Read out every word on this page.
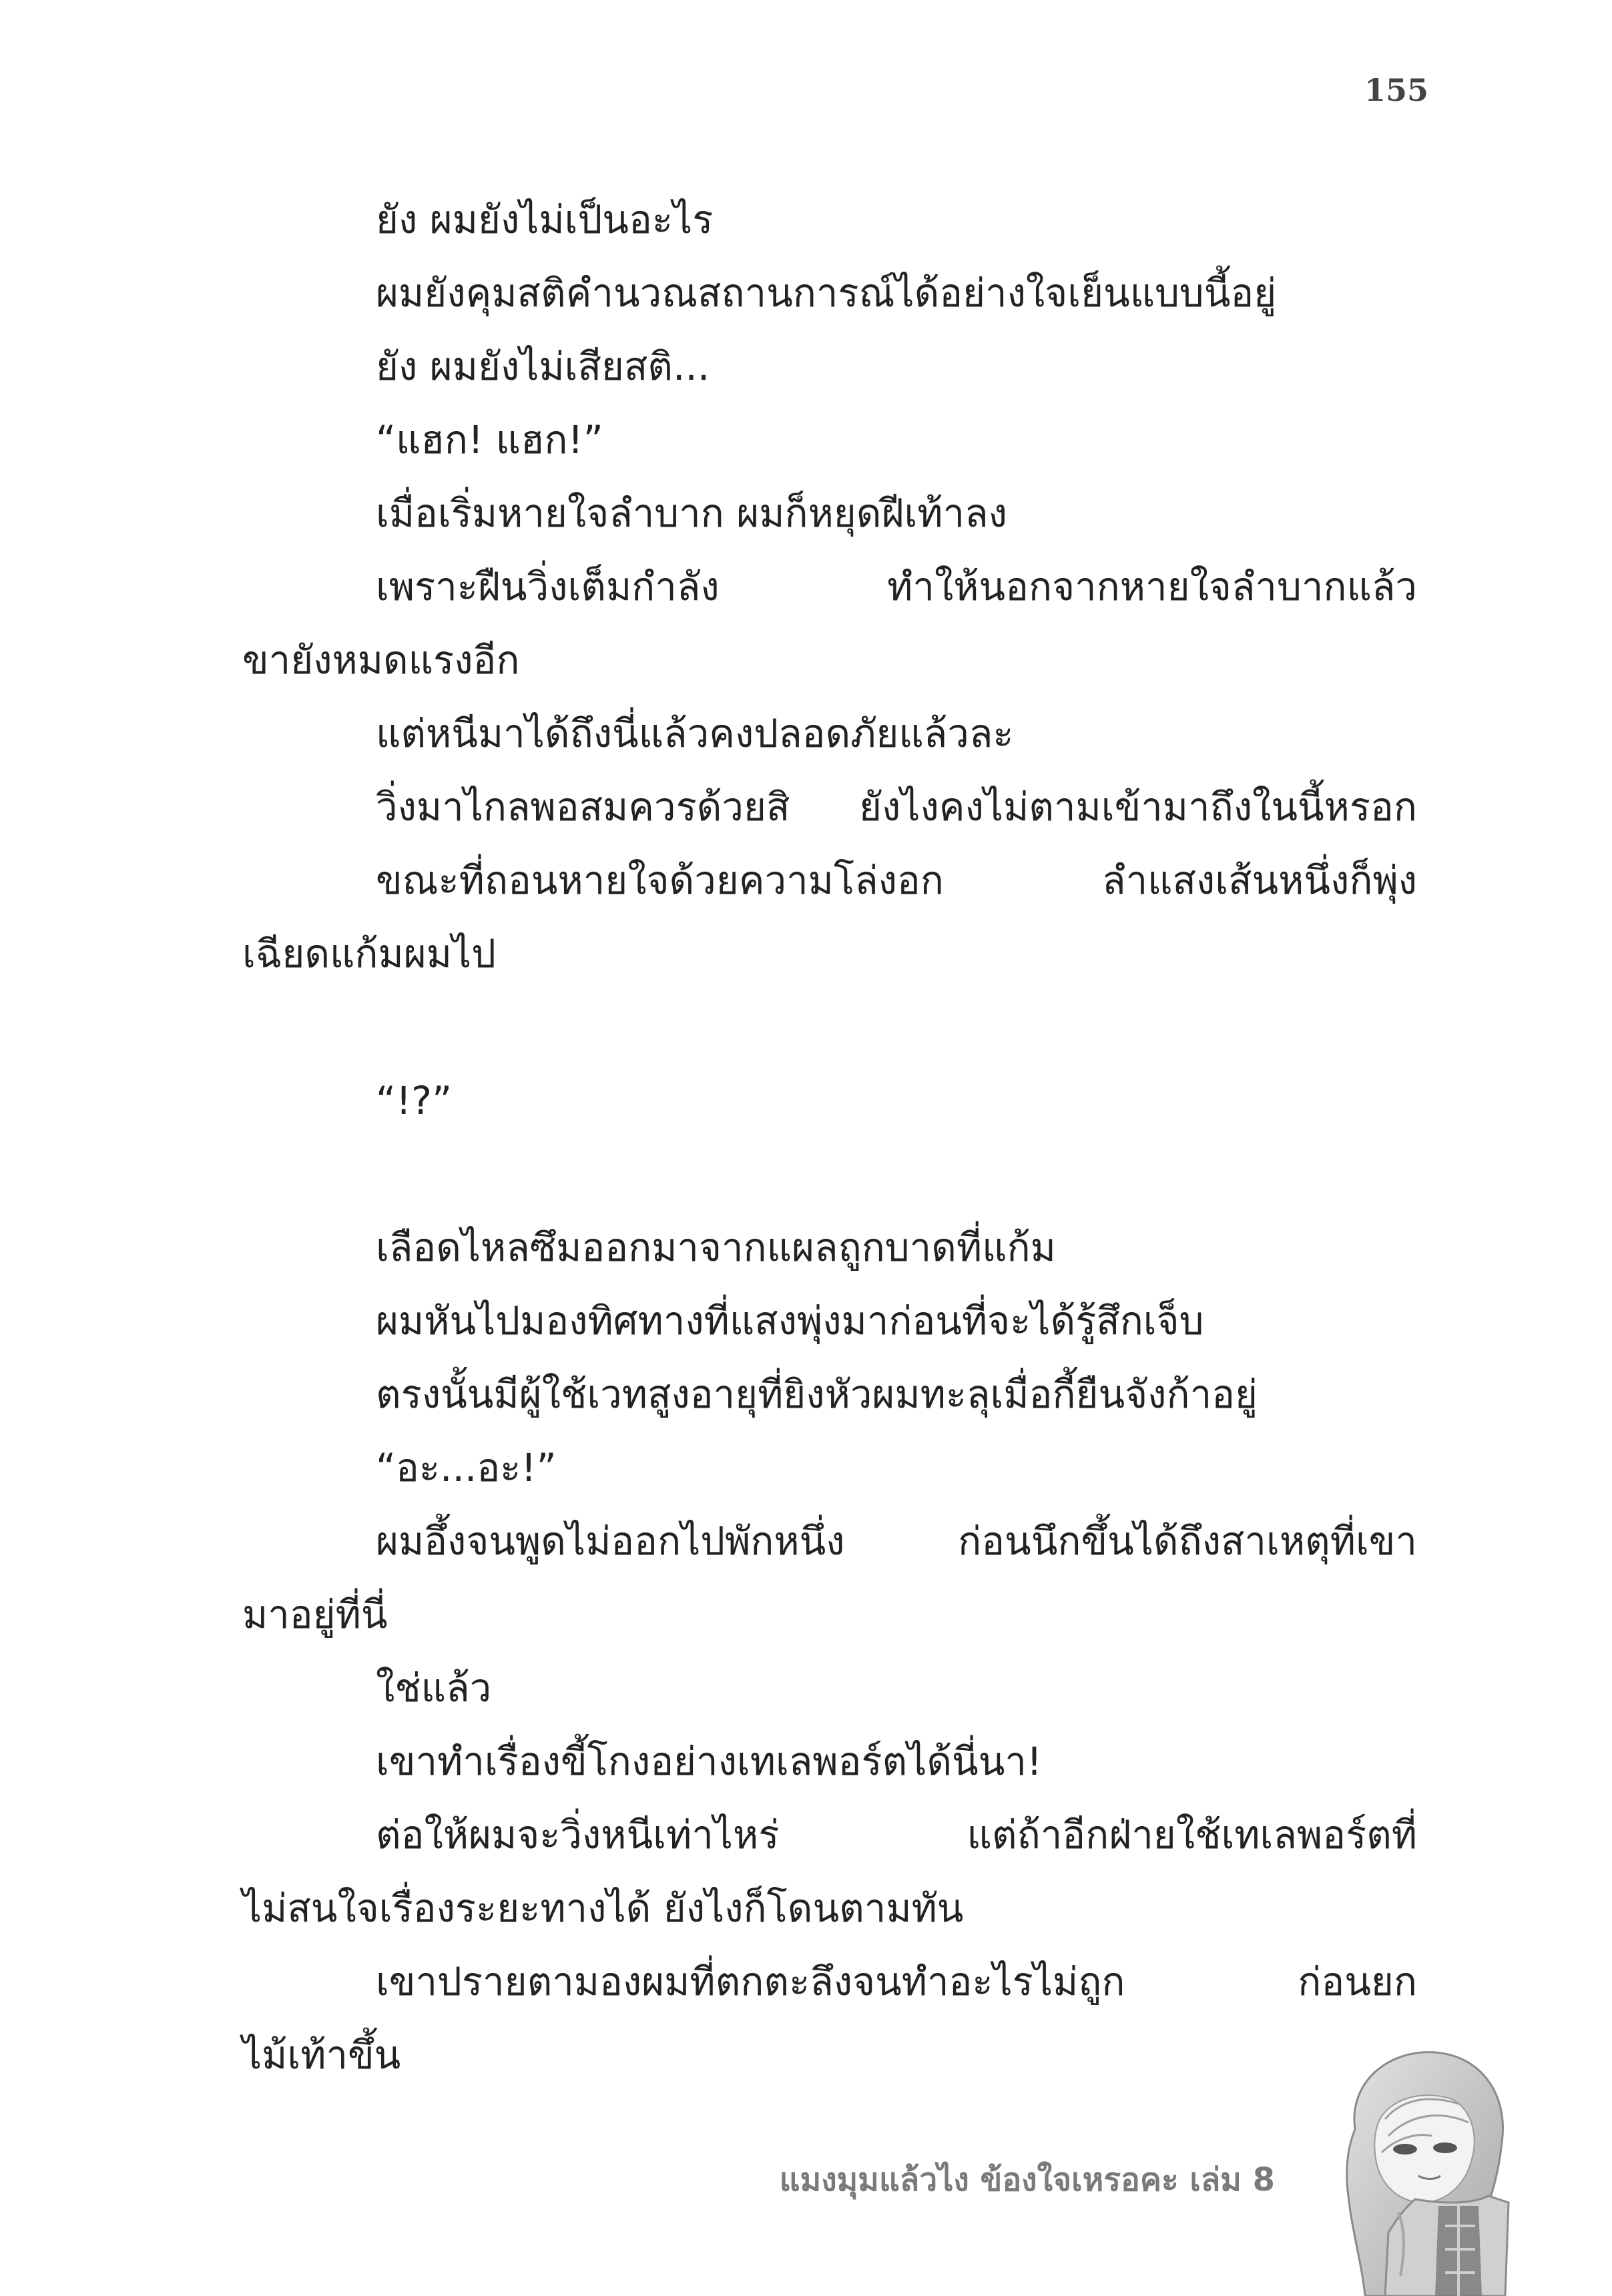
155
ยัง ผมยังไม่เป็นอะไร
ผมยังคุมสติคำนวณสถานการณ์ได้อย่างใจเย็นแบบนี้อยู่
ยัง ผมยังไม่เสียสติ...
“แฮก! แฮก!”
เมื่อเริ่มหายใจลำบาก ผมก็หยุดฝีเท้าลง
เพราะฝืนวิ่งเต็มกำลัง ทำให้นอกจากหายใจลำบากแล้ว
ขายังหมดแรงอีก
แต่หนีมาได้ถึงนี่แล้วคงปลอดภัยแล้วละ
วิ่งมาไกลพอสมควรด้วยสิ ยังไงคงไม่ตามเข้ามาถึงในนี้หรอก
ขณะที่ถอนหายใจด้วยความโล่งอก ลำแสงเส้นหนึ่งก็พุ่ง
เฉียดแก้มผมไป
“!?”
เลือดไหลซึมออกมาจากแผลถูกบาดที่แก้ม
ผมหันไปมองทิศทางที่แสงพุ่งมาก่อนที่จะได้รู้สึกเจ็บ
ตรงนั้นมีผู้ใช้เวทสูงอายุที่ยิงหัวผมทะลุเมื่อกี้ยืนจังก้าอยู่
“อะ...อะ!”
ผมอึ้งจนพูดไม่ออกไปพักหนึ่ง ก่อนนึกขึ้นได้ถึงสาเหตุที่เขา
มาอยู่ที่นี่
ใช่แล้ว
เขาทำเรื่องขี้โกงอย่างเทเลพอร์ตได้นี่นา!
ต่อให้ผมจะวิ่งหนีเท่าไหร่ แต่ถ้าอีกฝ่ายใช้เทเลพอร์ตที่
ไม่สนใจเรื่องระยะทางได้ ยังไงก็โดนตามทัน
เขาปรายตามองผมที่ตกตะลึงจนทำอะไรไม่ถูก ก่อนยก
ไม้เท้าขึ้น
แมงมุมแล้วไง ข้องใจเหรอคะ เล่ม 8
